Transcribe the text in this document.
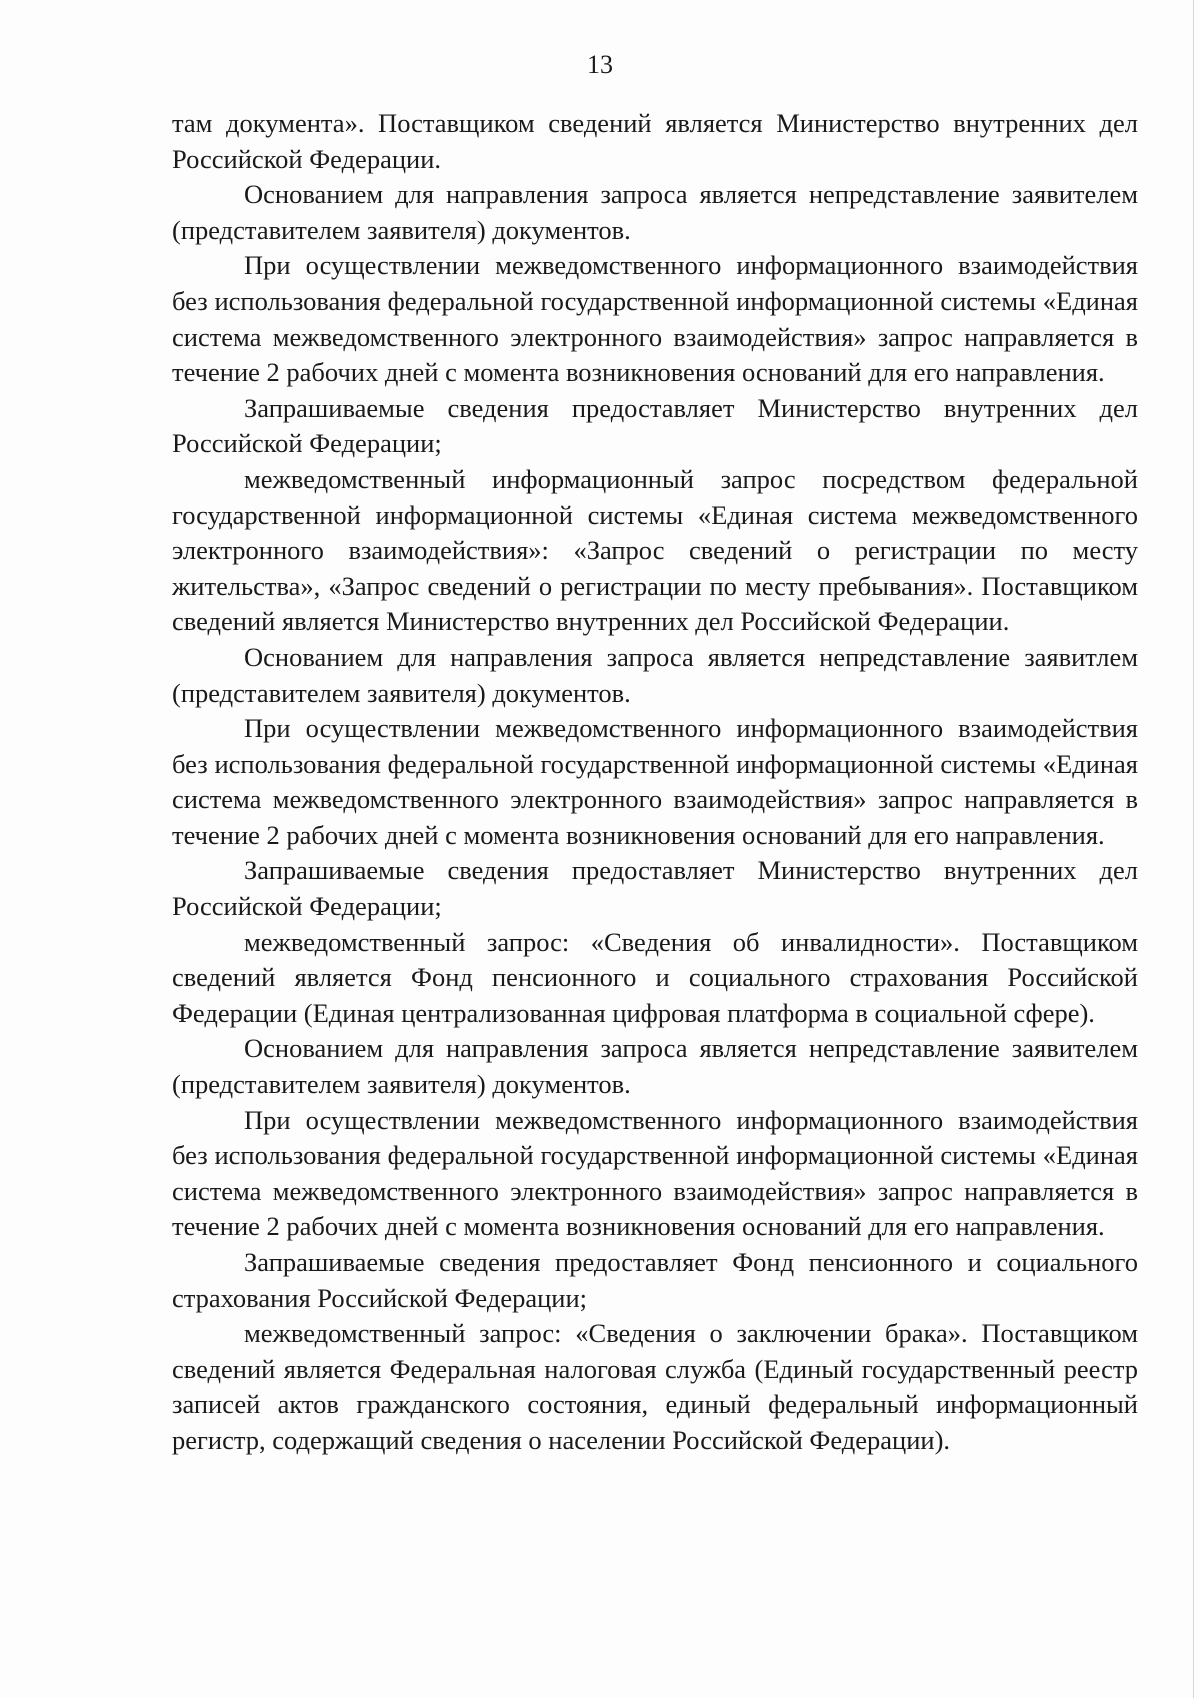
13

там документа». Поставщиком сведений является Министерство внутренних дел Российской Федерации.

Основанием для направления запроса является непредставление заявителем (представителем заявителя) документов.

При осуществлении межведомственного информационного взаимодействия без использования федеральной государственной информационной системы «Единая система межведомственного электронного взаимодействия» запрос направляется в течение 2 рабочих дней с момента возникновения оснований для его направления.

Запрашиваемые сведения предоставляет Министерство внутренних дел Российской Федерации;

межведомственный информационный запрос посредством федеральной государственной информационной системы «Единая система межведомственного электронного взаимодействия»: «Запрос сведений о регистрации по месту жительства», «Запрос сведений о регистрации по месту пребывания». Поставщиком сведений является Министерство внутренних дел Российской Федерации.

Основанием для направления запроса является непредставление заявитлем (представителем заявителя) документов.

При осуществлении межведомственного информационного взаимодействия без использования федеральной государственной информационной системы «Единая система межведомственного электронного взаимодействия» запрос направляется в течение 2 рабочих дней с момента возникновения оснований для его направления.

Запрашиваемые сведения предоставляет Министерство внутренних дел Российской Федерации;

межведомственный запрос: «Сведения об инвалидности». Поставщиком сведений является Фонд пенсионного и социального страхования Российской Федерации (Единая централизованная цифровая платформа в социальной сфере).

Основанием для направления запроса является непредставление заявителем (представителем заявителя) документов.

При осуществлении межведомственного информационного взаимодействия без использования федеральной государственной информационной системы «Единая система межведомственного электронного взаимодействия» запрос направляется в течение 2 рабочих дней с момента возникновения оснований для его направления.

Запрашиваемые сведения предоставляет Фонд пенсионного и социального страхования Российской Федерации;

межведомственный запрос: «Сведения о заключении брака». Поставщиком сведений является Федеральная налоговая служба (Единый государственный реестр записей актов гражданского состояния, единый федеральный информационный регистр, содержащий сведения о населении Российской Федерации).
